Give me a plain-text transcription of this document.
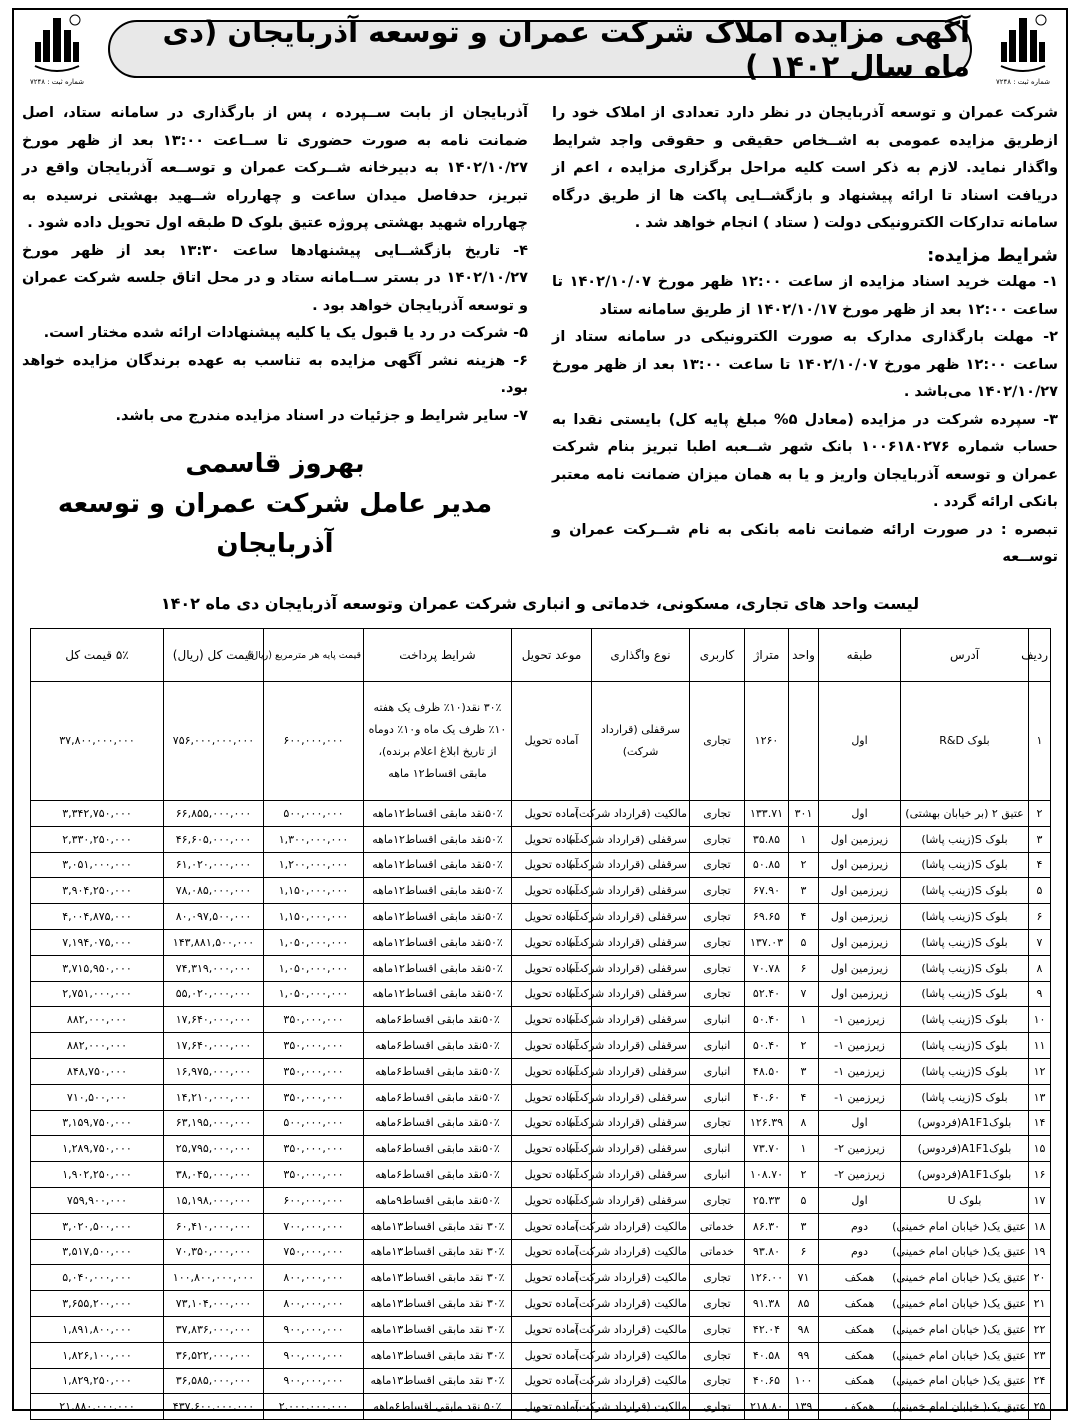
شماره ثبت : ۷۲۴۸
شماره ثبت : ۷۲۴۸
آگهی مزایده املاک شرکت عمران و توسعه آذربایجان (دی ماه سال ۱۴۰۲ )

شرکت عمران و توسعه آذربایجان در نظر دارد تعدادی از املاک خود را ازطریق مزایده عمومی به اشــخاص حقیقی و حقوقی واجد شرایط واگذار نماید. لازم به ذکر است کلیه مراحل برگزاری مزایده ، اعم از دریافت اسناد تا ارائه پیشنهاد و بازگشــایی پاکت ها از طریق درگاه سامانه تدارکات الکترونیکی دولت ( ستاد ) انجام خواهد شد .

شرایط مزایده:

۱- مهلت خرید اسناد مزایده از ساعت ۱۲:۰۰ ظهر مورخ ۱۴۰۲/۱۰/۰۷ تا ساعت ۱۲:۰۰ بعد از ظهر مورخ ۱۴۰۲/۱۰/۱۷ از طریق سامانه ستاد

۲- مهلت بارگذاری مدارک به صورت الکترونیکی در سامانه ستاد از ساعت ۱۲:۰۰ ظهر مورخ ۱۴۰۲/۱۰/۰۷ تا ساعت ۱۳:۰۰ بعد از ظهر مورخ ۱۴۰۲/۱۰/۲۷ می‌باشد .

۳- سپرده شرکت در مزایده (معادل ۵% مبلغ پایه کل) بایستی نقدا به حساب شماره ۱۰۰۶۱۸۰۲۷۶ بانک شهر شــعبه اطبا تبریز بنام شرکت عمران و توسعه آذربایجان واریز و یا به همان میزان ضمانت نامه معتبر بانکی ارائه گردد .

تبصره : در صورت ارائه ضمانت نامه بانکی به نام شــرکت عمران و توســعه

آذربایجان از بابت ســپرده ، پس از بارگذاری در سامانه ستاد، اصل ضمانت نامه به صورت حضوری تا ســاعت ۱۳:۰۰ بعد از ظهر مورخ ۱۴۰۲/۱۰/۲۷ به دبیرخانه شــرکت عمران و توســعه آذربایجان واقع در تبریز، حدفاصل میدان ساعت و چهارراه شــهید بهشتی نرسیده به چهارراه شهید بهشتی پروژه عتیق بلوک D طبقه اول تحویل داده شود .

۴- تاریخ بازگشــایی پیشنهادها ساعت ۱۳:۳۰ بعد از ظهر مورخ ۱۴۰۲/۱۰/۲۷ در بستر ســامانه ستاد و در محل اتاق جلسه شرکت عمران و توسعه آذربایجان خواهد بود .

۵- شرکت در رد یا قبول یک یا کلیه پیشنهادات ارائه شده مختار است.

۶- هزینه نشر آگهی مزایده به تناسب به عهده برندگان مزایده خواهد بود.

۷- سایر شرایط و جزئیات در اسناد مزایده مندرج می باشد.

بهروز قاسمی
مدیر عامل شرکت عمران و توسعه آذربایجان
لیست واحد های تجاری، مسکونی، خدماتی و انباری شرکت عمران وتوسعه آذربایجان دی ماه ۱۴۰۲
ردیف	آدرس	طبقه	واحد	متراژ	کاربری	نوع واگذاری	موعد تحویل	شرایط پرداخت	قیمت پایه هر مترمربع (ریال)	قیمت کل (ریال)	۵٪ قیمت کل
۱	بلوک R&D	اول		۱۲۶۰	تجاری	سرقفلی (قرارداد شرکت)	آماده تحویل	۳۰٪ نقد(۱۰٪ ظرف یک هفته ۱۰٪ ظرف یک ماه و۱۰٪ دوماه از تاریخ ابلاغ اعلام برنده)، مابقی اقساط۱۲ ماهه	۶۰۰,۰۰۰,۰۰۰	۷۵۶,۰۰۰,۰۰۰,۰۰۰	۳۷,۸۰۰,۰۰۰,۰۰۰
۲	عتیق ۲ (بر خیابان بهشتی)	اول	۳۰۱	۱۳۳.۷۱	تجاری	مالکیت (قرارداد شرکت)	آماده تحویل	۵۰٪نقد مابقی اقساط۱۲ماهه	۵۰۰,۰۰۰,۰۰۰	۶۶,۸۵۵,۰۰۰,۰۰۰	۳,۳۴۲,۷۵۰,۰۰۰
۳	بلوک S(زینب پاشا)	زیرزمین اول	۱	۳۵.۸۵	تجاری	سرقفلی (قرارداد شرکت)	آماده تحویل	۵۰٪نقد مابقی اقساط۱۲ماهه	۱,۳۰۰,۰۰۰,۰۰۰	۴۶,۶۰۵,۰۰۰,۰۰۰	۲,۳۳۰,۲۵۰,۰۰۰
۴	بلوک S(زینب پاشا)	زیرزمین اول	۲	۵۰.۸۵	تجاری	سرقفلی (قرارداد شرکت)	آماده تحویل	۵۰٪نقد مابقی اقساط۱۲ماهه	۱,۲۰۰,۰۰۰,۰۰۰	۶۱,۰۲۰,۰۰۰,۰۰۰	۳,۰۵۱,۰۰۰,۰۰۰
۵	بلوک S(زینب پاشا)	زیرزمین اول	۳	۶۷.۹۰	تجاری	سرقفلی (قرارداد شرکت)	آماده تحویل	۵۰٪نقد مابقی اقساط۱۲ماهه	۱,۱۵۰,۰۰۰,۰۰۰	۷۸,۰۸۵,۰۰۰,۰۰۰	۳,۹۰۴,۲۵۰,۰۰۰
۶	بلوک S(زینب پاشا)	زیرزمین اول	۴	۶۹.۶۵	تجاری	سرقفلی (قرارداد شرکت)	آماده تحویل	۵۰٪نقد مابقی اقساط۱۲ماهه	۱,۱۵۰,۰۰۰,۰۰۰	۸۰,۰۹۷,۵۰۰,۰۰۰	۴,۰۰۴,۸۷۵,۰۰۰
۷	بلوک S(زینب پاشا)	زیرزمین اول	۵	۱۳۷.۰۳	تجاری	سرقفلی (قرارداد شرکت)	آماده تحویل	۵۰٪نقد مابقی اقساط۱۲ماهه	۱,۰۵۰,۰۰۰,۰۰۰	۱۴۳,۸۸۱,۵۰۰,۰۰۰	۷,۱۹۴,۰۷۵,۰۰۰
۸	بلوک S(زینب پاشا)	زیرزمین اول	۶	۷۰.۷۸	تجاری	سرقفلی (قرارداد شرکت)	آماده تحویل	۵۰٪نقد مابقی اقساط۱۲ماهه	۱,۰۵۰,۰۰۰,۰۰۰	۷۴,۳۱۹,۰۰۰,۰۰۰	۳,۷۱۵,۹۵۰,۰۰۰
۹	بلوک S(زینب پاشا)	زیرزمین اول	۷	۵۲.۴۰	تجاری	سرقفلی (قرارداد شرکت)	آماده تحویل	۵۰٪نقد مابقی اقساط۱۲ماهه	۱,۰۵۰,۰۰۰,۰۰۰	۵۵,۰۲۰,۰۰۰,۰۰۰	۲,۷۵۱,۰۰۰,۰۰۰
۱۰	بلوک S(زینب پاشا)	زیرزمین ۱-	۱	۵۰.۴۰	انباری	سرقفلی (قرارداد شرکت)	آماده تحویل	۵۰٪نقد مابقی اقساط۶ماهه	۳۵۰,۰۰۰,۰۰۰	۱۷,۶۴۰,۰۰۰,۰۰۰	۸۸۲,۰۰۰,۰۰۰
۱۱	بلوک S(زینب پاشا)	زیرزمین ۱-	۲	۵۰.۴۰	انباری	سرقفلی (قرارداد شرکت)	آماده تحویل	۵۰٪نقد مابقی اقساط۶ماهه	۳۵۰,۰۰۰,۰۰۰	۱۷,۶۴۰,۰۰۰,۰۰۰	۸۸۲,۰۰۰,۰۰۰
۱۲	بلوک S(زینب پاشا)	زیرزمین ۱-	۳	۴۸.۵۰	انباری	سرقفلی (قرارداد شرکت)	آماده تحویل	۵۰٪نقد مابقی اقساط۶ماهه	۳۵۰,۰۰۰,۰۰۰	۱۶,۹۷۵,۰۰۰,۰۰۰	۸۴۸,۷۵۰,۰۰۰
۱۳	بلوک S(زینب پاشا)	زیرزمین ۱-	۴	۴۰.۶۰	انباری	سرقفلی (قرارداد شرکت)	آماده تحویل	۵۰٪نقد مابقی اقساط۶ماهه	۳۵۰,۰۰۰,۰۰۰	۱۴,۲۱۰,۰۰۰,۰۰۰	۷۱۰,۵۰۰,۰۰۰
۱۴	بلوکA1F1(فردوس)	اول	۸	۱۲۶.۳۹	تجاری	سرقفلی (قرارداد شرکت)	آماده تحویل	۵۰٪نقد مابقی اقساط۶ماهه	۵۰۰,۰۰۰,۰۰۰	۶۳,۱۹۵,۰۰۰,۰۰۰	۳,۱۵۹,۷۵۰,۰۰۰
۱۵	بلوکA1F1(فردوس)	زیرزمین ۲-	۱	۷۳.۷۰	انباری	سرقفلی (قرارداد شرکت)	آماده تحویل	۵۰٪نقد مابقی اقساط۶ماهه	۳۵۰,۰۰۰,۰۰۰	۲۵,۷۹۵,۰۰۰,۰۰۰	۱,۲۸۹,۷۵۰,۰۰۰
۱۶	بلوکA1F1(فردوس)	زیرزمین ۲-	۲	۱۰۸.۷۰	انباری	سرقفلی (قرارداد شرکت)	آماده تحویل	۵۰٪نقد مابقی اقساط۶ماهه	۳۵۰,۰۰۰,۰۰۰	۳۸,۰۴۵,۰۰۰,۰۰۰	۱,۹۰۲,۲۵۰,۰۰۰
۱۷	بلوک U	اول	۵	۲۵.۳۳	تجاری	سرقفلی (قرارداد شرکت)	آماده تحویل	۵۰٪نقد مابقی اقساط۹ماهه	۶۰۰,۰۰۰,۰۰۰	۱۵,۱۹۸,۰۰۰,۰۰۰	۷۵۹,۹۰۰,۰۰۰
۱۸	عتیق یک( خیابان امام خمینی)	دوم	۳	۸۶.۳۰	خدماتی	مالکیت (قرارداد شرکت)	آماده تحویل	۳۰٪ نقد مابقی اقساط۱۳ماهه	۷۰۰,۰۰۰,۰۰۰	۶۰,۴۱۰,۰۰۰,۰۰۰	۳,۰۲۰,۵۰۰,۰۰۰
۱۹	عتیق یک( خیابان امام خمینی)	دوم	۶	۹۳.۸۰	خدماتی	مالکیت (قرارداد شرکت)	آماده تحویل	۳۰٪ نقد مابقی اقساط۱۳ماهه	۷۵۰,۰۰۰,۰۰۰	۷۰,۳۵۰,۰۰۰,۰۰۰	۳,۵۱۷,۵۰۰,۰۰۰
۲۰	عتیق یک( خیابان امام خمینی)	همکف	۷۱	۱۲۶.۰۰	تجاری	مالکیت (قرارداد شرکت)	آماده تحویل	۳۰٪ نقد مابقی اقساط۱۳ماهه	۸۰۰,۰۰۰,۰۰۰	۱۰۰,۸۰۰,۰۰۰,۰۰۰	۵,۰۴۰,۰۰۰,۰۰۰
۲۱	عتیق یک( خیابان امام خمینی)	همکف	۸۵	۹۱.۳۸	تجاری	مالکیت (قرارداد شرکت)	آماده تحویل	۳۰٪ نقد مابقی اقساط۱۳ماهه	۸۰۰,۰۰۰,۰۰۰	۷۳,۱۰۴,۰۰۰,۰۰۰	۳,۶۵۵,۲۰۰,۰۰۰
۲۲	عتیق یک( خیابان امام خمینی)	همکف	۹۸	۴۲.۰۴	تجاری	مالکیت (قرارداد شرکت)	آماده تحویل	۳۰٪ نقد مابقی اقساط۱۳ماهه	۹۰۰,۰۰۰,۰۰۰	۳۷,۸۳۶,۰۰۰,۰۰۰	۱,۸۹۱,۸۰۰,۰۰۰
۲۳	عتیق یک( خیابان امام خمینی)	همکف	۹۹	۴۰.۵۸	تجاری	مالکیت (قرارداد شرکت)	آماده تحویل	۳۰٪ نقد مابقی اقساط۱۳ماهه	۹۰۰,۰۰۰,۰۰۰	۳۶,۵۲۲,۰۰۰,۰۰۰	۱,۸۲۶,۱۰۰,۰۰۰
۲۴	عتیق یک( خیابان امام خمینی)	همکف	۱۰۰	۴۰.۶۵	تجاری	مالکیت (قرارداد شرکت)	آماده تحویل	۳۰٪ نقد مابقی اقساط۱۳ماهه	۹۰۰,۰۰۰,۰۰۰	۳۶,۵۸۵,۰۰۰,۰۰۰	۱,۸۲۹,۲۵۰,۰۰۰
۲۵	عتیق یک( خیابان امام خمینی)	همکف	۱۳۹	۲۱۸.۸۰	تجاری	مالکیت (قرارداد شرکت)	آماده تحویل	۵۰٪ نقد مابقی اقساط۶ماهه	۲,۰۰۰,۰۰۰,۰۰۰	۴۳۷,۶۰۰,۰۰۰,۰۰۰	۲۱,۸۸۰,۰۰۰,۰۰۰
